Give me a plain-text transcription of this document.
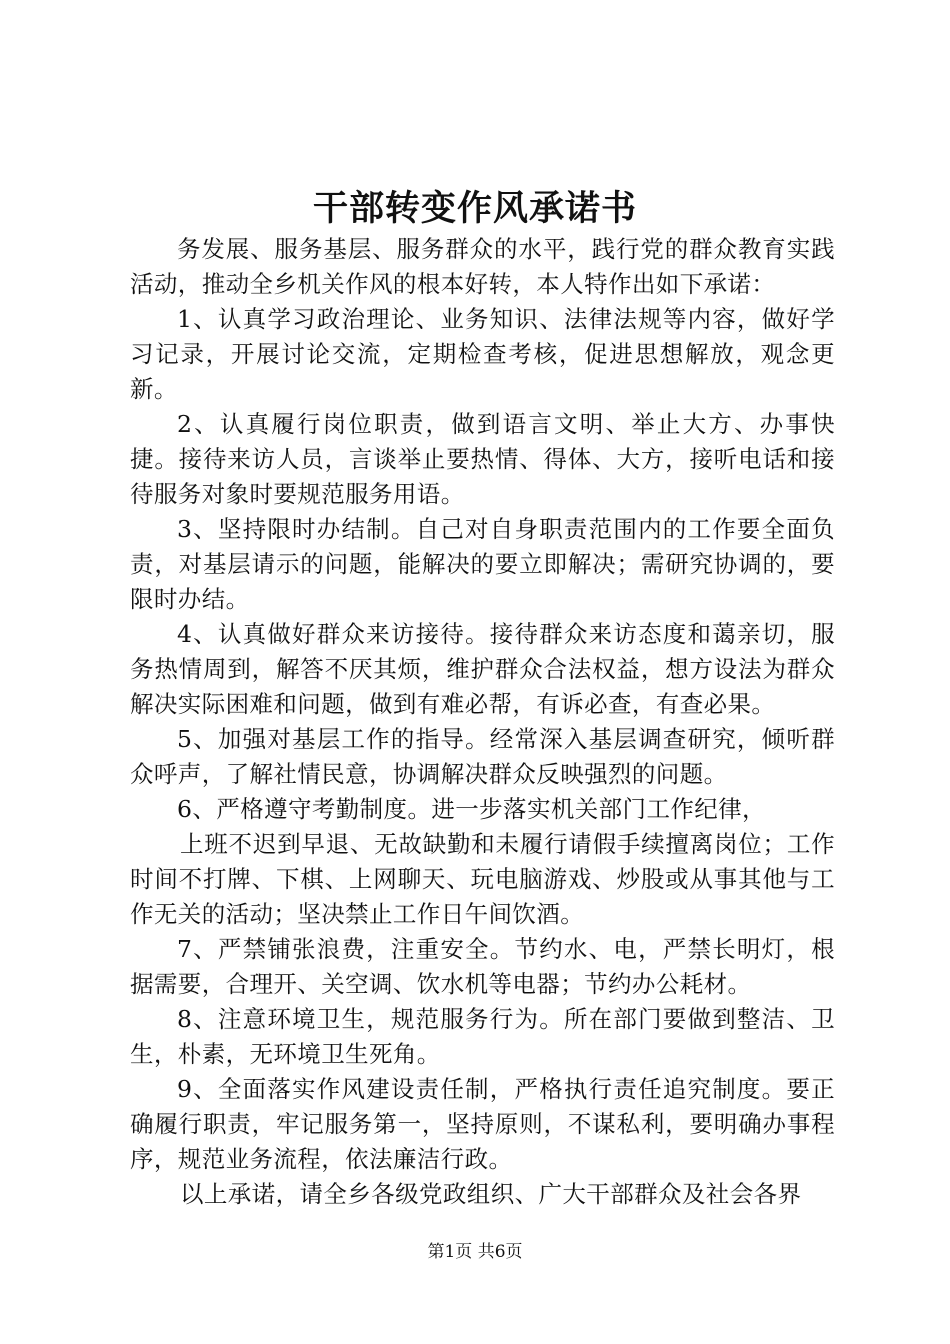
干部转变作风承诺书

务发展、服务基层、服务群众的水平，践行党的群众教育实践活动，推动全乡机关作风的根本好转，本人特作出如下承诺：

1、认真学习政治理论、业务知识、法律法规等内容，做好学习记录，开展讨论交流，定期检查考核，促进思想解放，观念更新。

2、认真履行岗位职责，做到语言文明、举止大方、办事快捷。接待来访人员，言谈举止要热情、得体、大方，接听电话和接待服务对象时要规范服务用语。

3、坚持限时办结制。自己对自身职责范围内的工作要全面负责，对基层请示的问题，能解决的要立即解决；需研究协调的，要限时办结。

4、认真做好群众来访接待。接待群众来访态度和蔼亲切，服务热情周到，解答不厌其烦，维护群众合法权益，想方设法为群众解决实际困难和问题，做到有难必帮，有诉必查，有查必果。

5、加强对基层工作的指导。经常深入基层调查研究，倾听群众呼声，了解社情民意，协调解决群众反映强烈的问题。

6、严格遵守考勤制度。进一步落实机关部门工作纪律，

上班不迟到早退、无故缺勤和未履行请假手续擅离岗位；工作时间不打牌、下棋、上网聊天、玩电脑游戏、炒股或从事其他与工作无关的活动；坚决禁止工作日午间饮酒。

7、严禁铺张浪费，注重安全。节约水、电，严禁长明灯，根据需要，合理开、关空调、饮水机等电器；节约办公耗材。

8、注意环境卫生，规范服务行为。所在部门要做到整洁、卫生，朴素，无环境卫生死角。

9、全面落实作风建设责任制，严格执行责任追究制度。要正确履行职责，牢记服务第一，坚持原则，不谋私利，要明确办事程序，规范业务流程，依法廉洁行政。

以上承诺，请全乡各级党政组织、广大干部群众及社会各界

第1页 共6页
